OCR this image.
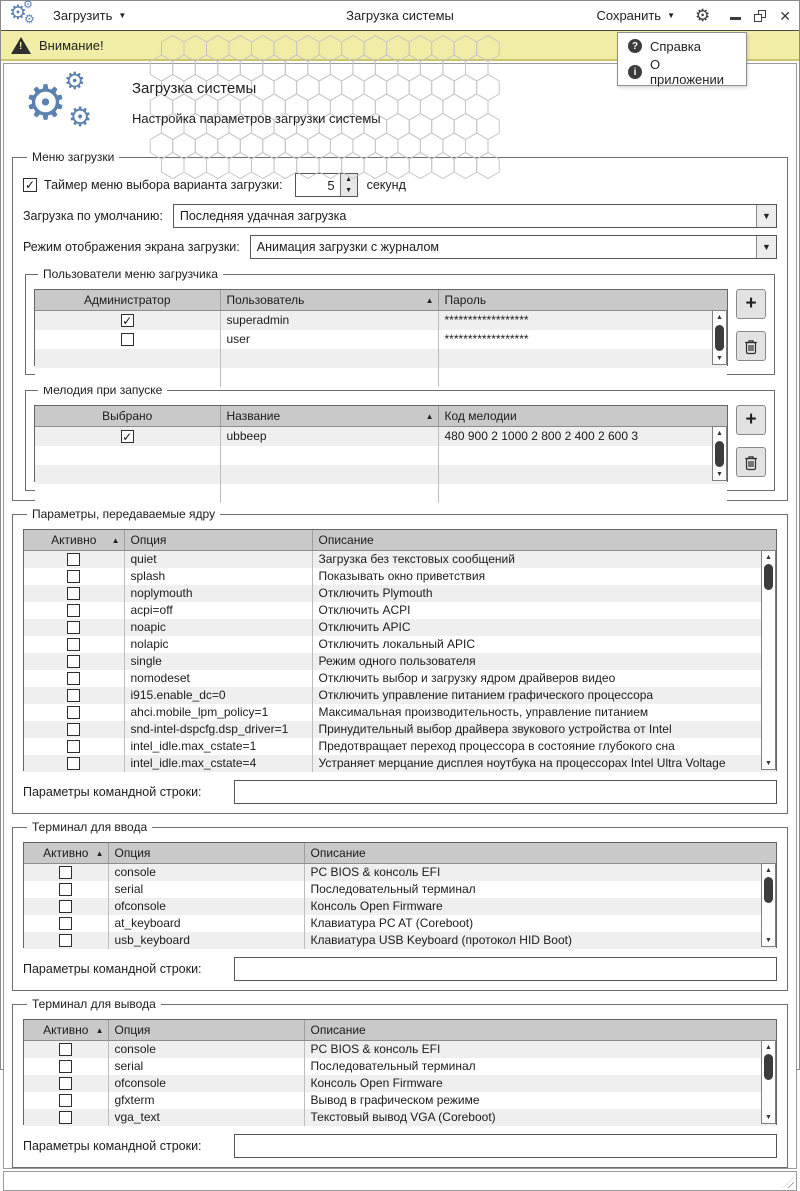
⚙
⚙
⚙ Загрузить ▼	Загрузка системы	Сохранить ▼ ⚙	✕
? Справка
i	О приложении
! Внимание!
⚙
⚙
⚙
Загрузка системы
Настройка параметров загрузки системы
Меню загрузки
✓ Таймер меню выбора варианта загрузки:	5	▲
▼	секунд
Загрузка по умолчанию:	Последняя удачная загрузка	▼
Режим отображения экрана загрузки:	Анимация загрузки с журналом	▼
Пользователи меню загрузчика
Администратор	Пользователь ▲	Пароль

✓	superadmin	******************
	user	******************

▲
▼
+
Мелодия при запуске
Выбрано	Название ▲	Код мелодии

✓	ubbeep	480 900 2 1000 2 800 2 400 2 600 3

			▲
▼
+
Параметры, передаваемые ядру
Активно ▲	Опция	Описание

	quiet	Загрузка без текстовых сообщений
	splash	Показывать окно приветствия
	noplymouth	Отключить Plymouth
	acpi=off	Отключить ACPI
	noapic	Отключить APIC
	nolapic	Отключить локальный APIC
	single	Режим одного пользователя
	nomodeset	Отключить выбор и загрузку ядром драйверов видео
	i915.enable_dc=0	Отключить управление питанием графического процессора
	ahci.mobile_lpm_policy=1	Максимальная производительность, управление питанием
	snd-intel-dspcfg.dsp_driver=1	Принудительный выбор драйвера звукового устройства от Intel
	intel_idle.max_cstate=1	Предотвращает переход процессора в состояние глубокого сна
	intel_idle.max_cstate=4	Устраняет мерцание дисплея ноутбука на процессорах Intel Ultra Voltage
▲
▼
Параметры командной строки:
Терминал для ввода
Активно ▲	Опция	Описание

	console	PC BIOS & консоль EFI
	serial	Последовательный терминал
	ofconsole	Консоль Open Firmware
	at_keyboard	Клавиатура PC AT (Coreboot)
	usb_keyboard	Клавиатура USB Keyboard (протокол HID Boot)
▲
▼
Параметры командной строки:
Терминал для вывода
Активно ▲	Опция	Описание

	console	PC BIOS & консоль EFI
	serial	Последовательный терминал
	ofconsole	Консоль Open Firmware
	gfxterm	Вывод в графическом режиме
	vga_text	Текстовый вывод VGA (Coreboot)
▲
▼
Параметры командной строки:
